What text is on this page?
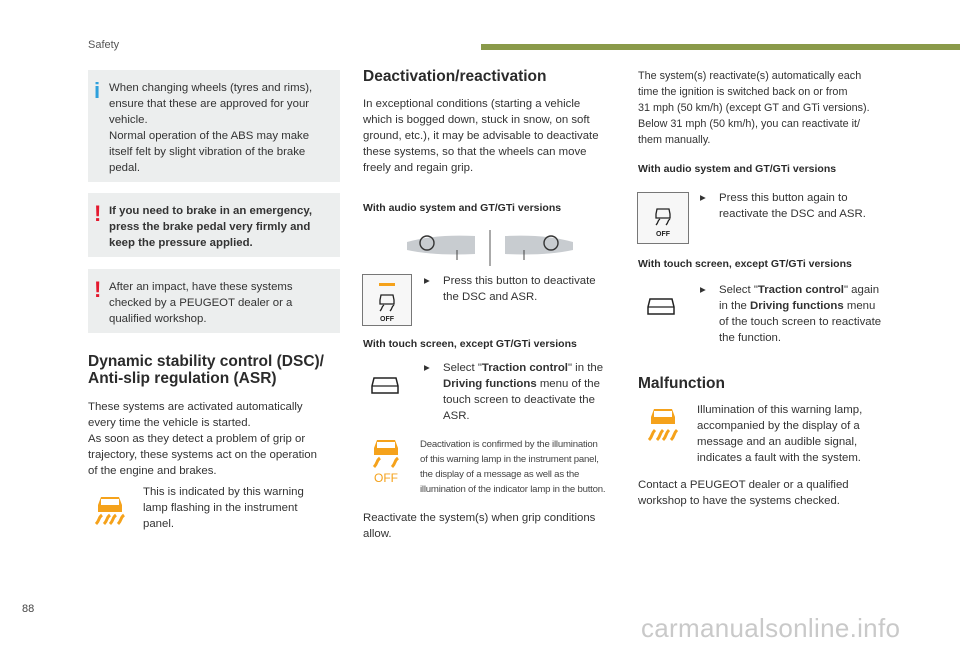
Safety
i When changing wheels (tyres and rims),
ensure that these are approved for your
vehicle.
Normal operation of the ABS may make
itself felt by slight vibration of the brake
pedal.

! If you need to brake in an emergency,
press the brake pedal very firmly and
keep the pressure applied.

! After an impact, have these systems
checked by a PEUGEOT dealer or a
qualified workshop.

Dynamic stability control (DSC)/
Anti-slip regulation (ASR)
These systems are activated automatically
every time the vehicle is started.
As soon as they detect a problem of grip or
trajectory, these systems act on the operation
of the engine and brakes.
This is indicated by this warning
lamp flashing in the instrument
panel.
Deactivation/reactivation
In exceptional conditions (starting a vehicle
which is bogged down, stuck in snow, on soft
ground, etc.), it may be advisable to deactivate
these systems, so that the wheels can move
freely and regain grip.
With audio system and GT/GTi versions
OFF
▸	Press this button to deactivate
the DSC and ASR.
With touch screen, except GT/GTi versions
▸	Select "Traction control" in the
Driving functions menu of the
touch screen to deactivate the
ASR.
OFF
Deactivation is confirmed by the illumination
of this warning lamp in the instrument panel,
the display of a message as well as the
illumination of the indicator lamp in the button.
Reactivate the system(s) when grip conditions
allow.
The system(s) reactivate(s) automatically each
time the ignition is switched back on or from
31 mph (50 km/h) (except GT and GTi versions).
Below 31 mph (50 km/h), you can reactivate it/
them manually.
With audio system and GT/GTi versions
OFF
▸	Press this button again to
reactivate the DSC and ASR.
With touch screen, except GT/GTi versions
▸	Select "Traction control" again
in the Driving functions menu
of the touch screen to reactivate
the function.
Malfunction
Illumination of this warning lamp,
accompanied by the display of a
message and an audible signal,
indicates a fault with the system.
Contact a PEUGEOT dealer or a qualified
workshop to have the systems checked.
88
carmanualsonline.info
